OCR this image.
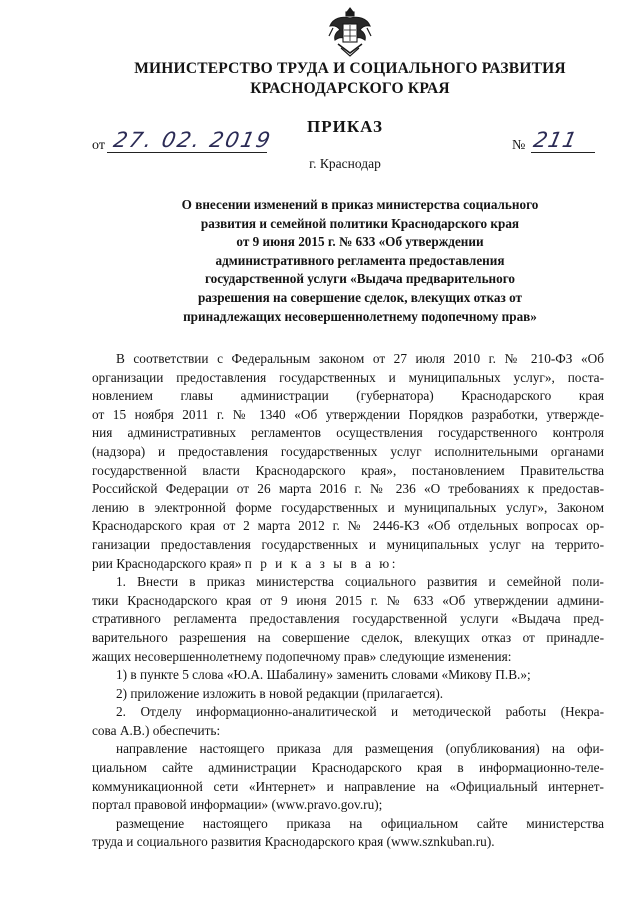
МИНИСТЕРСТВО ТРУДА И СОЦИАЛЬНОГО РАЗВИТИЯ
КРАСНОДАРСКОГО КРАЯ
ПРИКАЗ
от 27. 02. 2019	№ 211
г. Краснодар
О внесении изменений в приказ министерства социального
развития и семейной политики Краснодарского края
от 9 июня 2015 г. № 633 «Об утверждении
административного регламента предоставления
государственной услуги «Выдача предварительного
разрешения на совершение сделок, влекущих отказ от
принадлежащих несовершеннолетнему подопечному прав»
В соответствии с Федеральным законом от 27 июля 2010 г. № 210-ФЗ «Об
организации предоставления государственных и муниципальных услуг», поста-
новлением главы администрации (губернатора) Краснодарского края
от 15 ноября 2011 г. № 1340 «Об утверждении Порядков разработки, утвержде-
ния административных регламентов осуществления государственного контроля
(надзора) и предоставления государственных услуг исполнительными органами
государственной власти Краснодарского края», постановлением Правительства
Российской Федерации от 26 марта 2016 г. № 236 «О требованиях к предостав-
лению в электронной форме государственных и муниципальных услуг», Законом
Краснодарского края от 2 марта 2012 г. № 2446-КЗ «Об отдельных вопросах ор-
ганизации предоставления государственных и муниципальных услуг на террито-
рии Краснодарского края» п р и к а з ы в а ю:
1. Внести в приказ министерства социального развития и семейной поли-
тики Краснодарского края от 9 июня 2015 г. № 633 «Об утверждении админи-
стративного регламента предоставления государственной услуги «Выдача пред-
варительного разрешения на совершение сделок, влекущих отказ от принадле-
жащих несовершеннолетнему подопечному прав» следующие изменения:
1) в пункте 5 слова «Ю.А. Шабалину» заменить словами «Микову П.В.»;
2) приложение изложить в новой редакции (прилагается).
2. Отделу информационно-аналитической и методической работы (Некра-
сова А.В.) обеспечить:
направление настоящего приказа для размещения (опубликования) на офи-
циальном сайте администрации Краснодарского края в информационно-теле-
коммуникационной сети «Интернет» и направление на «Официальный интернет-
портал правовой информации» (www.pravo.gov.ru);
размещение настоящего приказа на официальном сайте министерства
труда и социального развития Краснодарского края (www.sznkuban.ru).
